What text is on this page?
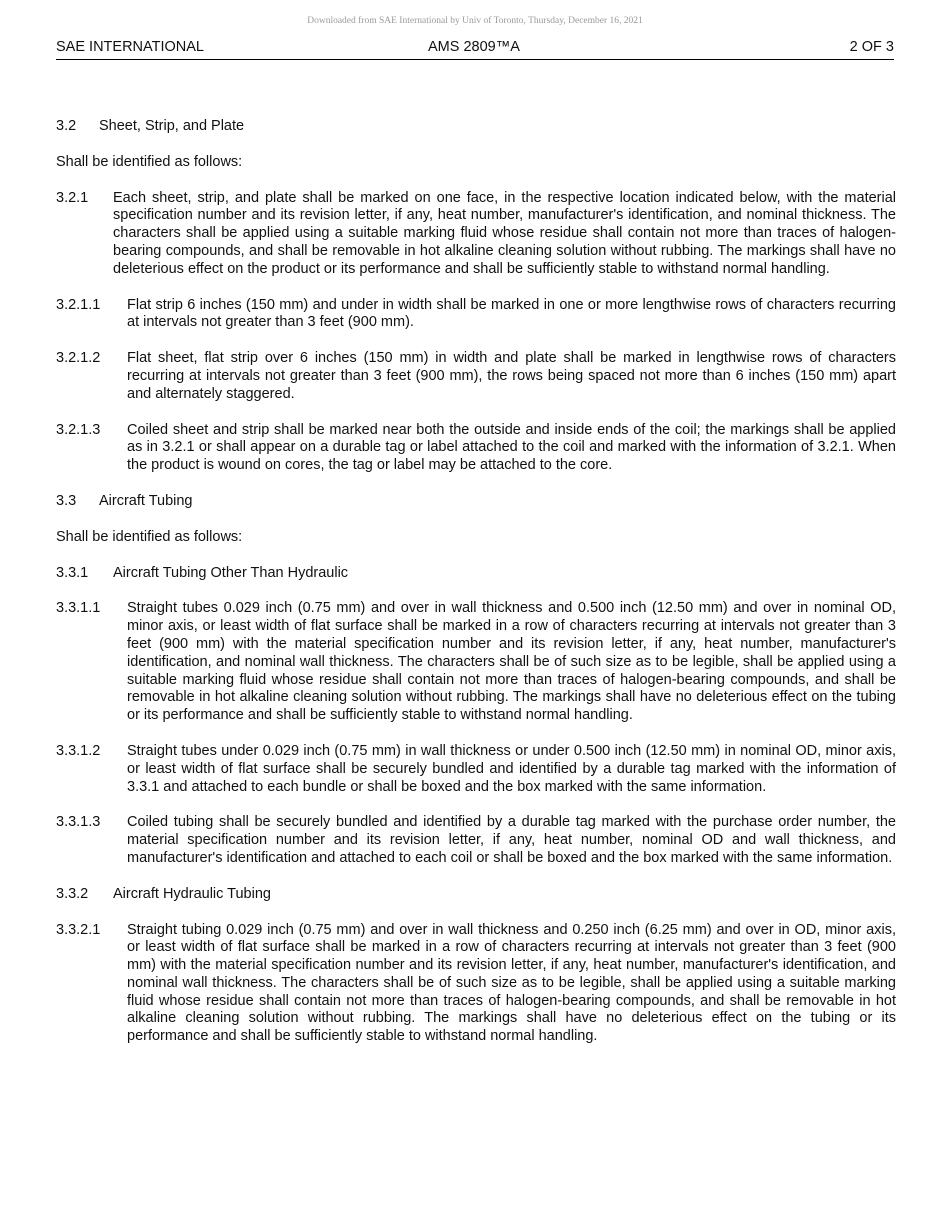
Downloaded from SAE International by Univ of Toronto, Thursday, December 16, 2021
SAE INTERNATIONAL	AMS 2809™A	2 OF 3
3.2	Sheet, Strip, and Plate
Shall be identified as follows:
3.2.1	Each sheet, strip, and plate shall be marked on one face, in the respective location indicated below, with the material specification number and its revision letter, if any, heat number, manufacturer's identification, and nominal thickness. The characters shall be applied using a suitable marking fluid whose residue shall contain not more than traces of halogen-bearing compounds, and shall be removable in hot alkaline cleaning solution without rubbing. The markings shall have no deleterious effect on the product or its performance and shall be sufficiently stable to withstand normal handling.
3.2.1.1	Flat strip 6 inches (150 mm) and under in width shall be marked in one or more lengthwise rows of characters recurring at intervals not greater than 3 feet (900 mm).
3.2.1.2	Flat sheet, flat strip over 6 inches (150 mm) in width and plate shall be marked in lengthwise rows of characters recurring at intervals not greater than 3 feet (900 mm), the rows being spaced not more than 6 inches (150 mm) apart and alternately staggered.
3.2.1.3	Coiled sheet and strip shall be marked near both the outside and inside ends of the coil; the markings shall be applied as in 3.2.1 or shall appear on a durable tag or label attached to the coil and marked with the information of 3.2.1. When the product is wound on cores, the tag or label may be attached to the core.
3.3	Aircraft Tubing
Shall be identified as follows:
3.3.1	Aircraft Tubing Other Than Hydraulic
3.3.1.1	Straight tubes 0.029 inch (0.75 mm) and over in wall thickness and 0.500 inch (12.50 mm) and over in nominal OD, minor axis, or least width of flat surface shall be marked in a row of characters recurring at intervals not greater than 3 feet (900 mm) with the material specification number and its revision letter, if any, heat number, manufacturer's identification, and nominal wall thickness. The characters shall be of such size as to be legible, shall be applied using a suitable marking fluid whose residue shall contain not more than traces of halogen-bearing compounds, and shall be removable in hot alkaline cleaning solution without rubbing. The markings shall have no deleterious effect on the tubing or its performance and shall be sufficiently stable to withstand normal handling.
3.3.1.2	Straight tubes under 0.029 inch (0.75 mm) in wall thickness or under 0.500 inch (12.50 mm) in nominal OD, minor axis, or least width of flat surface shall be securely bundled and identified by a durable tag marked with the information of 3.3.1 and attached to each bundle or shall be boxed and the box marked with the same information.
3.3.1.3	Coiled tubing shall be securely bundled and identified by a durable tag marked with the purchase order number, the material specification number and its revision letter, if any, heat number, nominal OD and wall thickness, and manufacturer's identification and attached to each coil or shall be boxed and the box marked with the same information.
3.3.2	Aircraft Hydraulic Tubing
3.3.2.1	Straight tubing 0.029 inch (0.75 mm) and over in wall thickness and 0.250 inch (6.25 mm) and over in OD, minor axis, or least width of flat surface shall be marked in a row of characters recurring at intervals not greater than 3 feet (900 mm) with the material specification number and its revision letter, if any, heat number, manufacturer's identification, and nominal wall thickness. The characters shall be of such size as to be legible, shall be applied using a suitable marking fluid whose residue shall contain not more than traces of halogen-bearing compounds, and shall be removable in hot alkaline cleaning solution without rubbing. The markings shall have no deleterious effect on the tubing or its performance and shall be sufficiently stable to withstand normal handling.
